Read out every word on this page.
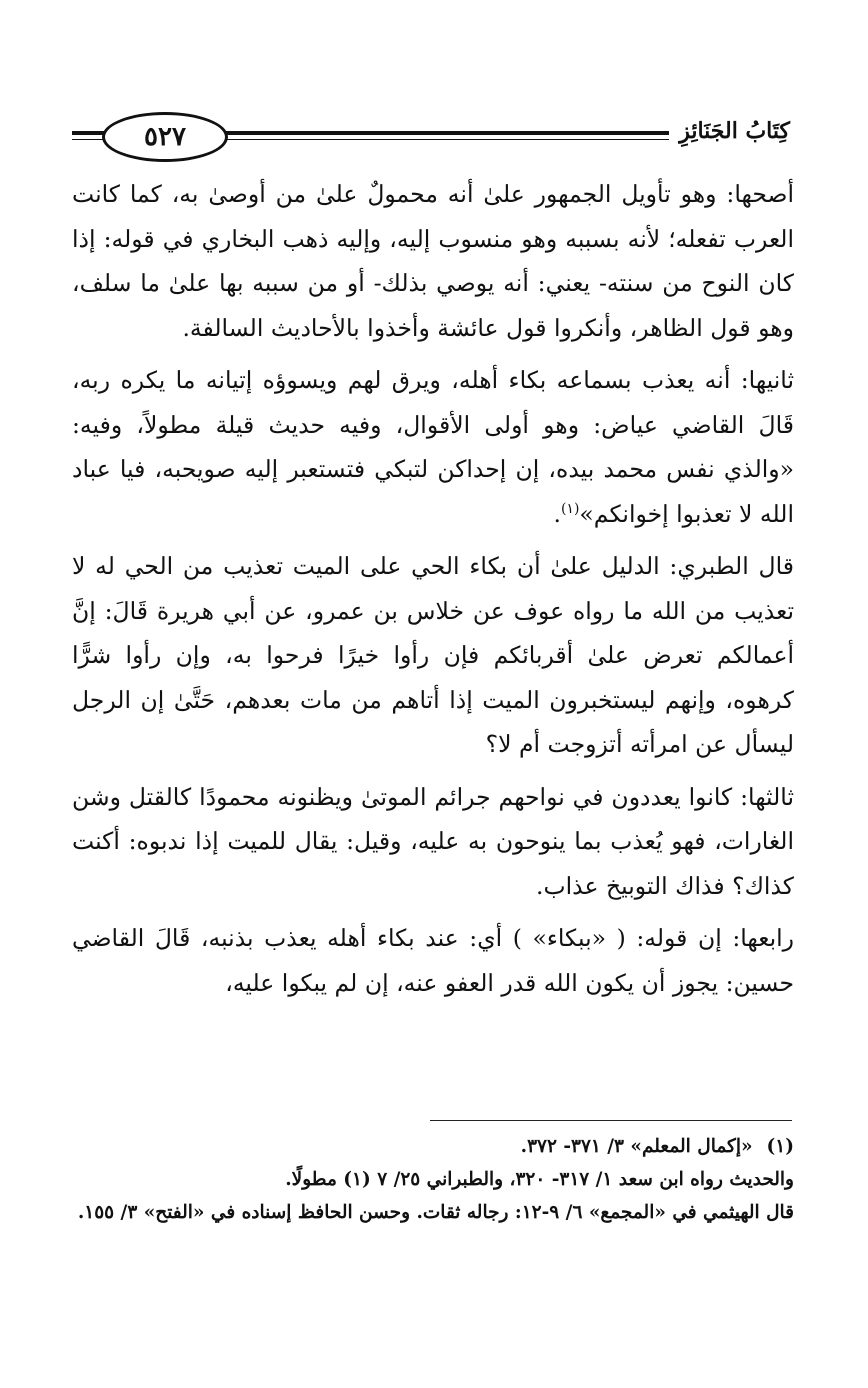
كِتَابُ الجَنَائِزِ
٥٢٧

أصحها: وهو تأويل الجمهور علىٰ أنه محمولٌ علىٰ من أوصىٰ به، كما كانت العرب تفعله؛ لأنه بسببه وهو منسوب إليه، وإليه ذهب البخاري في قوله: إذا كان النوح من سنته- يعني: أنه يوصي بذلك- أو من سببه بها علىٰ ما سلف، وهو قول الظاهر، وأنكروا قول عائشة وأخذوا بالأحاديث السالفة.

ثانيها: أنه يعذب بسماعه بكاء أهله، ويرق لهم ويسوؤه إتيانه ما يكره ربه، قَالَ القاضي عياض: وهو أولى الأقوال، وفيه حديث قيلة مطولاً، وفيه: «والذي نفس محمد بيده، إن إحداكن لتبكي فتستعبر إليه صويحبه، فيا عباد الله لا تعذبوا إخوانكم»$^{(١)}$.

قال الطبري: الدليل علىٰ أن بكاء الحي على الميت تعذيب من الحي له لا تعذيب من الله ما رواه عوف عن خلاس بن عمرو، عن أبي هريرة قَالَ: إنَّ أعمالكم تعرض علىٰ أقربائكم فإن رأوا خيرًا فرحوا به، وإن رأوا شرًّا كرهوه، وإنهم ليستخبرون الميت إذا أتاهم من مات بعدهم، حَتَّىٰ إن الرجل ليسأل عن امرأته أتزوجت أم لا؟

ثالثها: كانوا يعددون في نواحهم جرائم الموتىٰ ويظنونه محمودًا كالقتل وشن الغارات، فهو يُعذب بما ينوحون به عليه، وقيل: يقال للميت إذا ندبوه: أكنت كذاك؟ فذاك التوبيخ عذاب.

رابعها: إن قوله: ( «ببكاء» ) أي: عند بكاء أهله يعذب بذنبه، قَالَ القاضي حسين: يجوز أن يكون الله قدر العفو عنه، إن لم يبكوا عليه،

(١)«إكمال المعلم» ٣/ ٣٧١- ٣٧٢.

والحديث رواه ابن سعد ١/ ٣١٧- ٣٢٠، والطبراني ٢٥/ ٧ (١) مطولًا.

قال الهيثمي في «المجمع» ٦/ ٩-١٢: رجاله ثقات. وحسن الحافظ إسناده في «الفتح» ٣/ ١٥٥.
